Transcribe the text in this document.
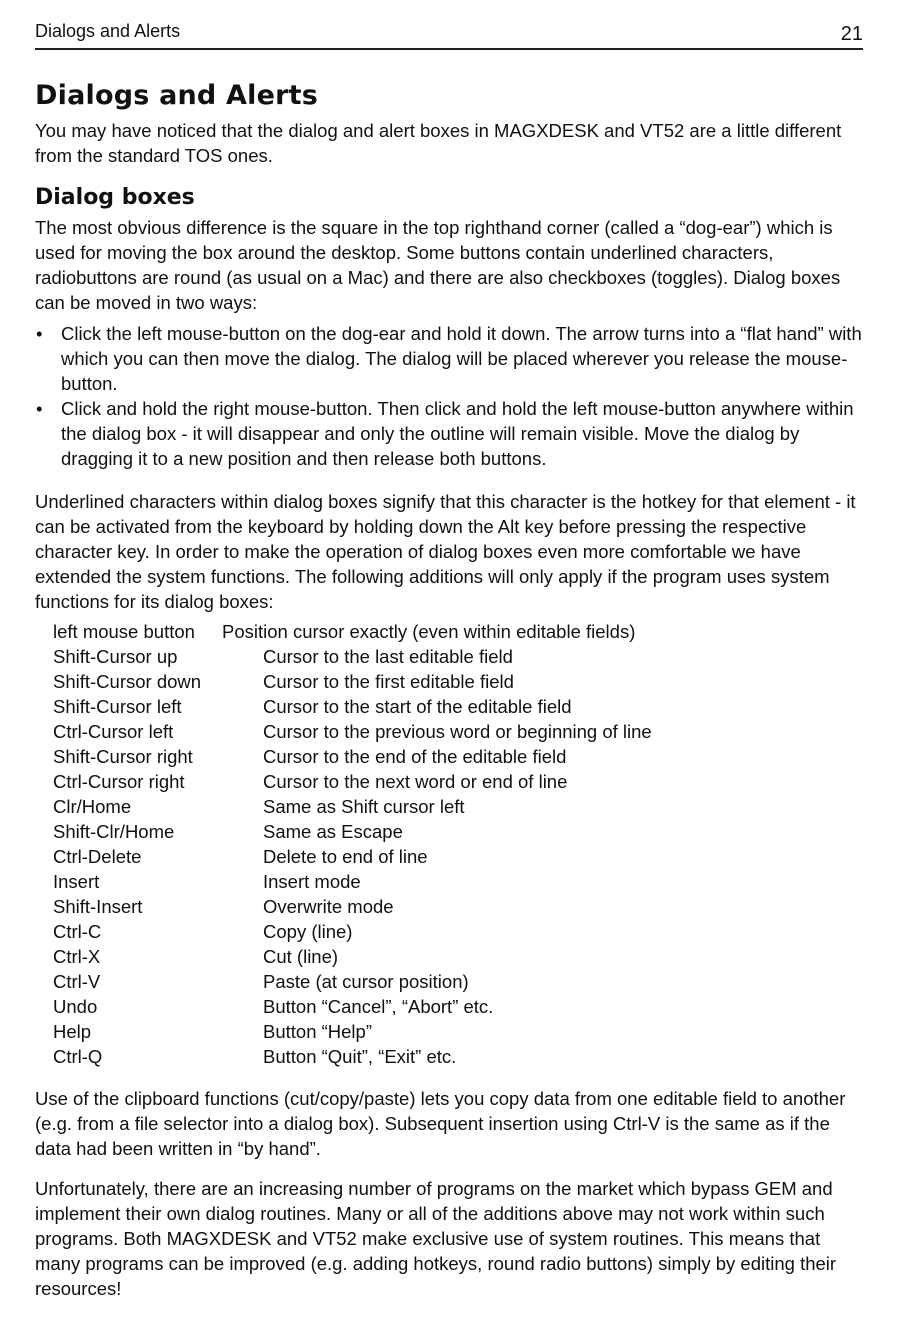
Dialogs and Alerts	21
Dialogs and Alerts

You may have noticed that the dialog and alert boxes in MAGXDESK and VT52 are a little different from the standard TOS ones.

Dialog boxes

The most obvious difference is the square in the top righthand corner (called a “dog-ear”) which is used for moving the box around the desktop. Some buttons contain underlined characters, radiobuttons are round (as usual on a Mac) and there are also checkboxes (toggles). Dialog boxes can be moved in two ways:

• Click the left mouse-button on the dog-ear and hold it down. The arrow turns into a “flat hand” with which you can then move the dialog. The dialog will be placed wherever you release the mouse-button.
• Click and hold the right mouse-button. Then click and hold the left mouse-button anywhere within the dialog box - it will disappear and only the outline will remain visible. Move the dialog by dragging it to a new position and then release both buttons.

Underlined characters within dialog boxes signify that this character is the hotkey for that element - it can be activated from the keyboard by holding down the Alt key before pressing the respective character key. In order to make the operation of dialog boxes even more comfortable we have extended the system functions. The following additions will only apply if the program uses system functions for its dialog boxes:

left mouse button Position cursor exactly (even within editable fields)
Shift-Cursor up	Cursor to the last editable field
Shift-Cursor down	Cursor to the first editable field
Shift-Cursor left	Cursor to the start of the editable field
Ctrl-Cursor left	Cursor to the previous word or beginning of line
Shift-Cursor right	Cursor to the end of the editable field
Ctrl-Cursor right	Cursor to the next word or end of line
Clr/Home	Same as Shift cursor left
Shift-Clr/Home	Same as Escape
Ctrl-Delete	Delete to end of line
Insert	Insert mode
Shift-Insert	Overwrite mode
Ctrl-C	Copy (line)
Ctrl-X	Cut (line)
Ctrl-V	Paste (at cursor position)
Undo	Button “Cancel”, “Abort” etc.
Help	Button “Help”
Ctrl-Q	Button “Quit”, “Exit” etc.

Use of the clipboard functions (cut/copy/paste) lets you copy data from one editable field to another (e.g. from a file selector into a dialog box). Subsequent insertion using Ctrl-V is the same as if the data had been written in “by hand”.

Unfortunately, there are an increasing number of programs on the market which bypass GEM and implement their own dialog routines. Many or all of the additions above may not work within such programs. Both MAGXDESK and VT52 make exclusive use of system routines. This means that many programs can be improved (e.g. adding hotkeys, round radio buttons) simply by editing their resources!
